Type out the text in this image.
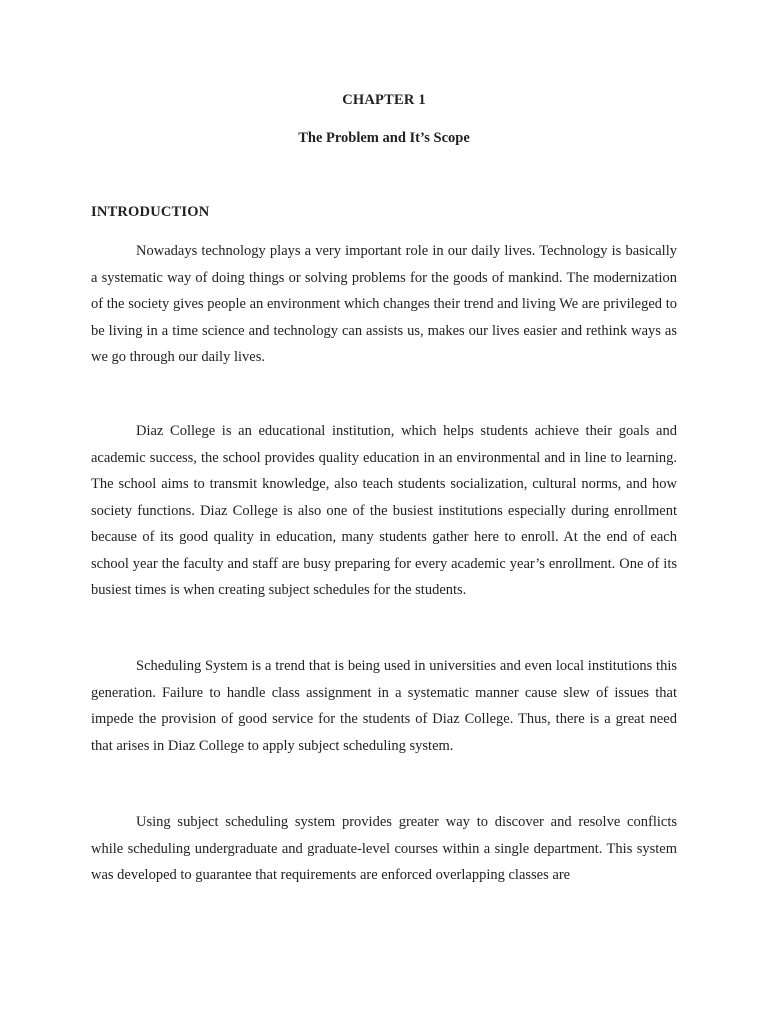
CHAPTER 1
The Problem and It’s Scope
INTRODUCTION

Nowadays technology plays a very important role in our daily lives. Technology is basically a systematic way of doing things or solving problems for the goods of mankind. The modernization of the society gives people an environment which changes their trend and living We are privileged to be living in a time science and technology can assists us, makes our lives easier and rethink ways as we go through our daily lives.

Diaz College is an educational institution, which helps students achieve their goals and academic success, the school provides quality education in an environmental and in line to learning. The school aims to transmit knowledge, also teach students socialization, cultural norms, and how society functions. Diaz College is also one of the busiest institutions especially during enrollment because of its good quality in education, many students gather here to enroll. At the end of each school year the faculty and staff are busy preparing for every academic year’s enrollment. One of its busiest times is when creating subject schedules for the students.

Scheduling System is a trend that is being used in universities and even local institutions this generation. Failure to handle class assignment in a systematic manner cause slew of issues that impede the provision of good service for the students of Diaz College. Thus, there is a great need that arises in Diaz College to apply subject scheduling system.

Using subject scheduling system provides greater way to discover and resolve conflicts while scheduling undergraduate and graduate-level courses within a single department. This system was developed to guarantee that requirements are enforced overlapping classes are
